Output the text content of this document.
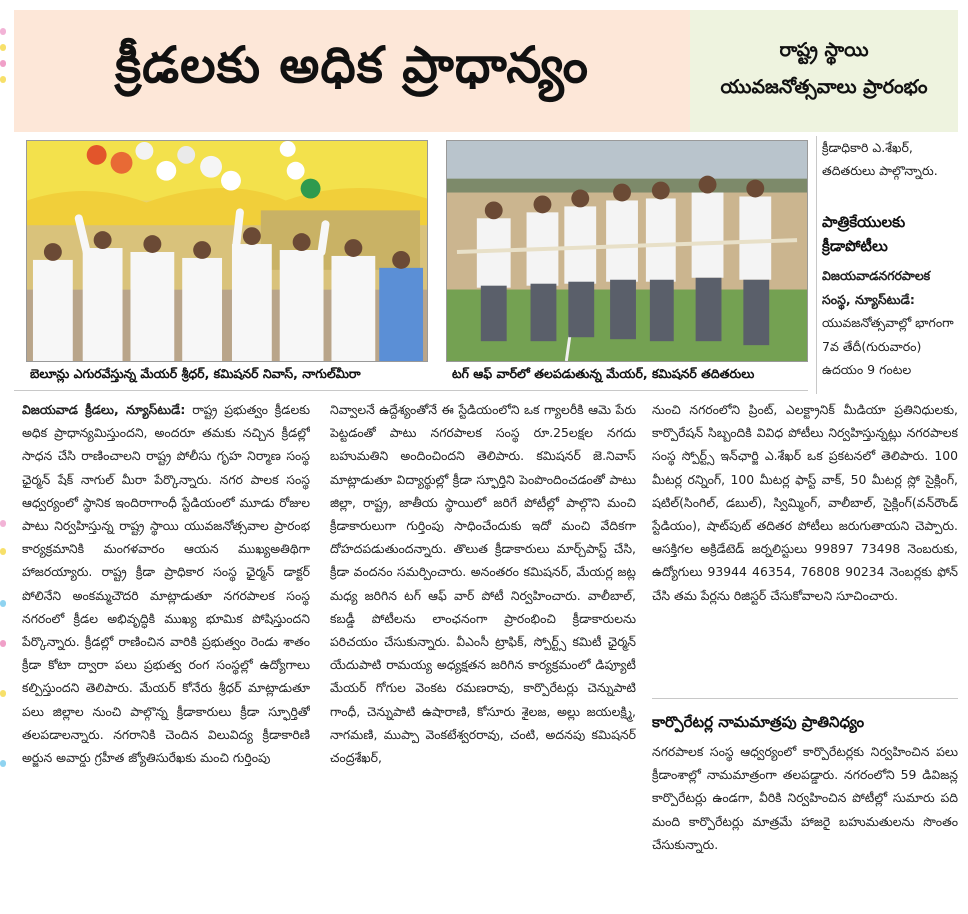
క్రీడలకు అధిక ప్రాధాన్యం	రాష్ట్ర స్థాయి
యువజనోత్సవాలు ప్రారంభం
బెలూన్లు ఎగురవేస్తున్న మేయర్ శ్రీధర్, కమిషనర్ నివాస్, నాగుల్‌మీరా	టగ్ ఆఫ్ వార్‌లో తలపడుతున్న మేయర్, కమిషనర్ తదితరులు
క్రీడాధికారి ఎ.శేఖర్, తదితరులు పాల్గొన్నారు.
పాత్రికేయులకు క్రీడాపోటీలు
విజయవాడనగరపాలక సంస్థ, న్యూస్‌టుడే: యువజనోత్సవాల్లో భాగంగా 7వ తేదీ(గురువారం) ఉదయం 9 గంటల
విజయవాడ క్రీడలు, న్యూస్‌టుడే: రాష్ట్ర ప్రభుత్వం క్రీడలకు అధిక ప్రాధాన్యమిస్తుందని, అందరూ తమకు నచ్చిన క్రీడల్లో సాధన చేసి రాణించాలని రాష్ట్ర పోలీసు గృహ నిర్మాణ సంస్థ ఛైర్మన్ షేక్ నాగుల్ మీరా పేర్కొన్నారు. నగర పాలక సంస్థ ఆధ్వర్యంలో స్థానిక ఇందిరాగాంధీ స్టేడియంలో మూడు రోజుల పాటు నిర్వహిస్తున్న రాష్ట్ర స్థాయి యువజనోత్సవాల ప్రారంభ కార్యక్రమానికి మంగళవారం ఆయన ముఖ్యఅతిథిగా హాజరయ్యారు. రాష్ట్ర క్రీడా ప్రాధికార సంస్థ ఛైర్మన్ డాక్టర్ పోలినేని అంకమ్మచౌదరి మాట్లాడుతూ నగరపాలక సంస్థ నగరంలో క్రీడల అభివృద్ధికి ముఖ్య భూమిక పోషిస్తుందని పేర్కొన్నారు. క్రీడల్లో రాణించిన వారికి ప్రభుత్వం రెండు శాతం క్రీడా కోటా ద్వారా పలు ప్రభుత్వ రంగ సంస్థల్లో ఉద్యోగాలు కల్పిస్తుందని తెలిపారు. మేయర్ కోనేరు శ్రీధర్ మాట్లాడుతూ పలు జిల్లాల నుంచి పాల్గొన్న క్రీడాకారులు క్రీడా స్ఫూర్తితో తలపడాలన్నారు. నగరానికి చెందిన విలువిద్య క్రీడాకారిణి అర్జున అవార్డు గ్రహీత జ్యోతిసురేఖకు మంచి గుర్తింపు
నివ్వాలనే ఉద్దేశ్యంతోనే ఈ స్టేడియంలోని ఒక గ్యాలరీకి ఆమె పేరు పెట్టడంతో పాటు నగరపాలక సంస్థ రూ.25లక్షల నగదు బహుమతిని అందించిందని తెలిపారు. కమిషనర్ జె.నివాస్ మాట్లాడుతూ విద్యార్థుల్లో క్రీడా స్ఫూర్తిని పెంపొందించడంతో పాటు జిల్లా, రాష్ట్ర, జాతీయ స్థాయిలో జరిగే పోటీల్లో పాల్గొని మంచి క్రీడాకారులుగా గుర్తింపు సాధించేందుకు ఇదో మంచి వేదికగా దోహదపడుతుందన్నారు. తొలుత క్రీడాకారులు మార్చ్‌పాస్ట్ చేసి, క్రీడా వందనం సమర్పించారు. అనంతరం కమిషనర్, మేయర్ల జట్ల మధ్య జరిగిన టగ్ ఆఫ్ వార్ పోటీ నిర్వహించారు. వాలీబాల్, కబడ్డీ పోటీలను లాంఛనంగా ప్రారంభించి క్రీడాకారులను పరిచయం చేసుకున్నారు. వీఎంసీ ట్రాఫిక్, స్పోర్ట్స్ కమిటీ ఛైర్మన్ యేదుపాటి రామయ్య అధ్యక్షతన జరిగిన కార్యక్రమంలో డిప్యూటీ మేయర్ గోగుల వెంకట రమణరావు, కార్పొరేటర్లు చెన్నుపాటి గాంధీ, చెన్నుపాటి ఉషారాణి, కోసూరు శైలజ, అల్లు జయలక్ష్మి, నాగమణి, ముప్పా వెంకటేశ్వరరావు, చంటి, అదనపు కమిషనర్ చంద్రశేఖర్,
నుంచి నగరంలోని ప్రింట్, ఎలక్ట్రానిక్ మీడియా ప్రతినిధులకు, కార్పొరేషన్ సిబ్బందికి వివిధ పోటీలు నిర్వహిస్తున్నట్లు నగరపాలక సంస్థ స్పోర్ట్స్ ఇన్‌ఛార్జి ఎ.శేఖర్ ఒక ప్రకటనలో తెలిపారు. 100 మీటర్ల రన్నింగ్, 100 మీటర్ల ఫాస్ట్ వాక్, 50 మీటర్ల స్లో సైక్లింగ్, షటిల్(సింగిల్, డబుల్), స్విమ్మింగ్, వాలీబాల్, సైక్లింగ్(వన్‌రౌండ్ స్టేడియం), షాట్‌పుట్ తదితర పోటీలు జరుగుతాయని చెప్పారు. ఆసక్తిగల అక్రిడేటెడ్ జర్నలిస్టులు 99897 73498 నెంబరుకు, ఉద్యోగులు 93944 46354, 76808 90234 నెంబర్లకు ఫోన్ చేసి తమ పేర్లను రిజిస్టర్ చేసుకోవాలని సూచించారు.
కార్పొరేటర్ల నామమాత్రపు ప్రాతినిధ్యం
నగరపాలక సంస్థ ఆధ్వర్యంలో కార్పొరేటర్లకు నిర్వహించిన పలు క్రీడాంశాల్లో నామమాత్రంగా తలపడ్డారు. నగరంలోని 59 డివిజన్ల కార్పొరేటర్లు ఉండగా, వీరికి నిర్వహించిన పోటీల్లో సుమారు పది మంది కార్పొరేటర్లు మాత్రమే హాజరై బహుమతులను సొంతం చేసుకున్నారు.
